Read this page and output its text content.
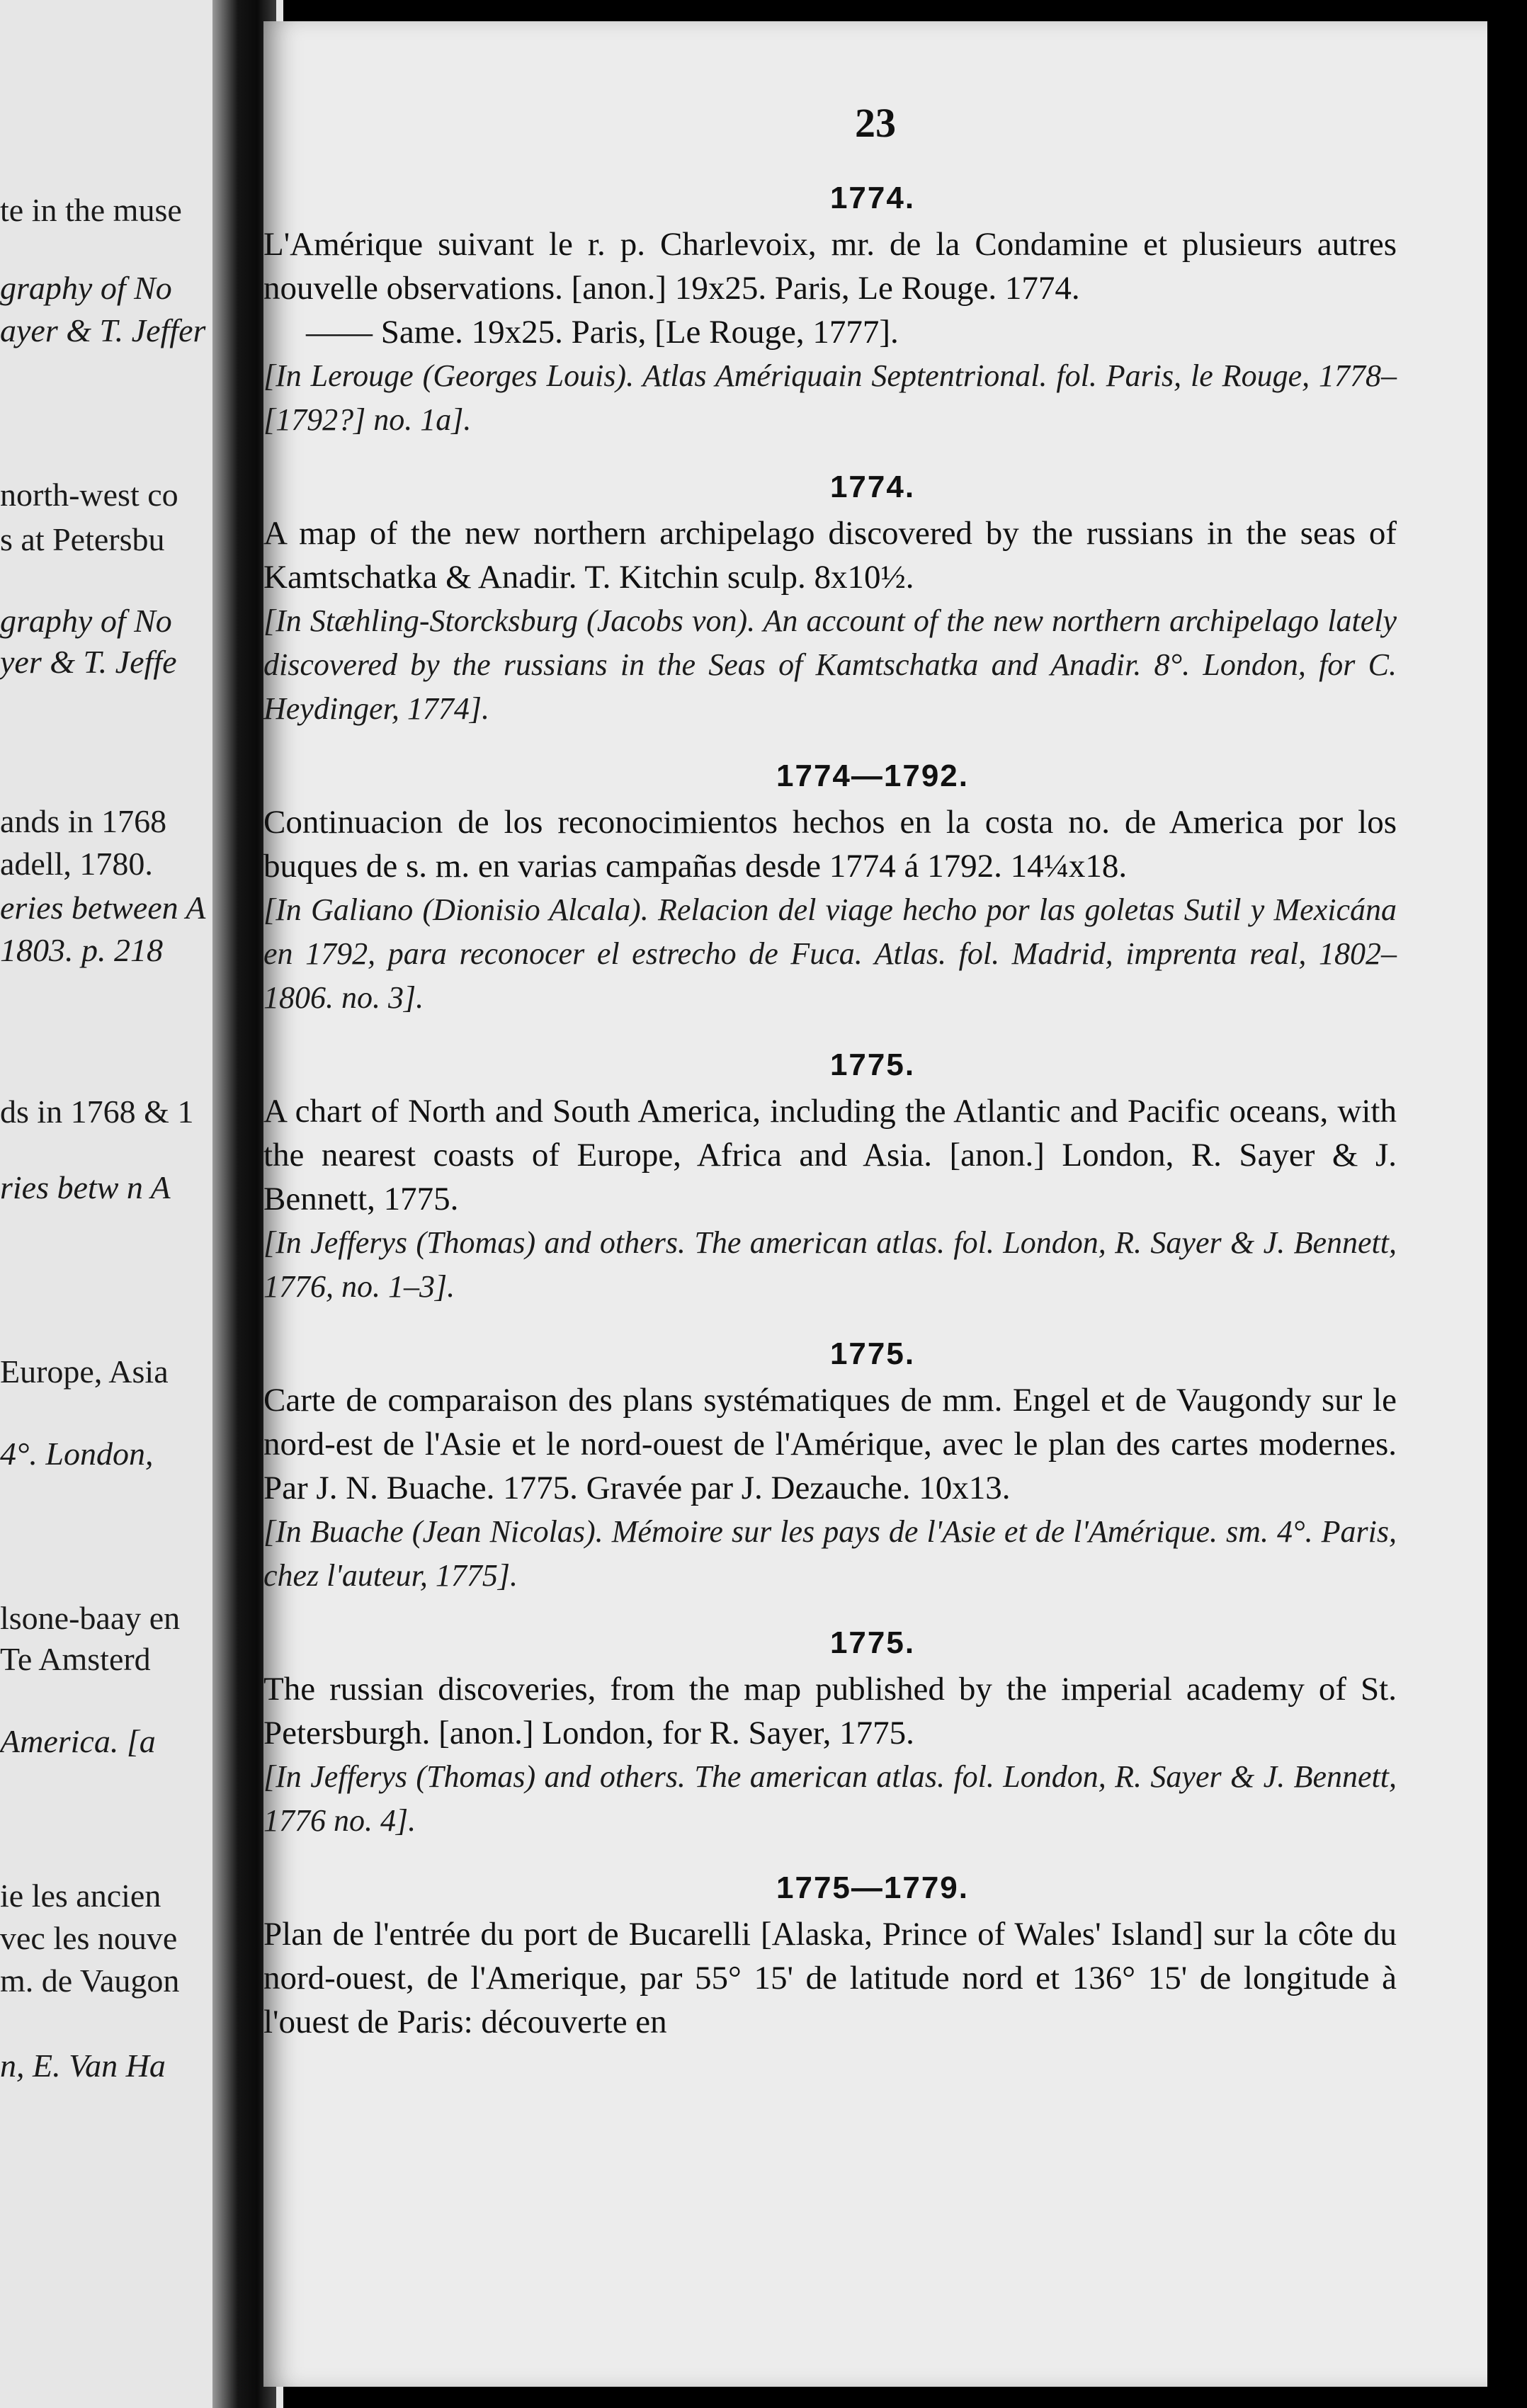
te in the muse
graphy of No
ayer & T. Jeffer
north-west co
s at Petersbu
graphy of No
yer & T. Jeffe
ands in 1768
adell, 1780.
eries between A
1803. p. 218
ds in 1768 & 1
ries betw n A
Europe, Asia
4°. London,
lsone-baay en
Te Amsterd
America. [a
ie les ancien
vec les nouve
m. de Vaugon
n, E. Van Ha
23
1774.
L'Amérique suivant le r. p. Charlevoix, mr. de la Condamine et plusieurs autres nouvelle observations. [anon.] 19x25. Paris, Le Rouge. 1774.
—— Same. 19x25. Paris, [Le Rouge, 1777].
[In Lerouge (Georges Louis). Atlas Amériquain Septentrional. fol. Paris, le Rouge, 1778–[1792?] no. 1a].
1774.
A map of the new northern archipelago discovered by the russians in the seas of Kamtschatka & Anadir. T. Kitchin sculp. 8x10½.
[In Stæhling-Storcksburg (Jacobs von). An account of the new northern archipelago lately discovered by the russians in the Seas of Kamtschatka and Anadir. 8°. London, for C. Heydinger, 1774].
1774—1792.
Continuacion de los reconocimientos hechos en la costa no. de America por los buques de s. m. en varias campañas desde 1774 á 1792. 14¼x18.
[In Galiano (Dionisio Alcala). Relacion del viage hecho por las goletas Sutil y Mexicána en 1792, para reconocer el estrecho de Fuca. Atlas. fol. Madrid, imprenta real, 1802–1806. no. 3].
1775.
A chart of North and South America, including the Atlantic and Pacific oceans, with the nearest coasts of Europe, Africa and Asia. [anon.] London, R. Sayer & J. Bennett, 1775.
[In Jefferys (Thomas) and others. The american atlas. fol. London, R. Sayer & J. Bennett, 1776, no. 1–3].
1775.
Carte de comparaison des plans systématiques de mm. Engel et de Vaugondy sur le nord-est de l'Asie et le nord-ouest de l'Amérique, avec le plan des cartes modernes. Par J. N. Buache. 1775. Gravée par J. Dezauche. 10x13.
[In Buache (Jean Nicolas). Mémoire sur les pays de l'Asie et de l'Amérique. sm. 4°. Paris, chez l'auteur, 1775].
1775.
The russian discoveries, from the map published by the imperial academy of St. Petersburgh. [anon.] London, for R. Sayer, 1775.
[In Jefferys (Thomas) and others. The american atlas. fol. London, R. Sayer & J. Bennett, 1776 no. 4].
1775—1779.
Plan de l'entrée du port de Bucarelli [Alaska, Prince of Wales' Island] sur la côte du nord-ouest, de l'Amerique, par 55° 15' de latitude nord et 136° 15' de longitude à l'ouest de Paris: découverte en
